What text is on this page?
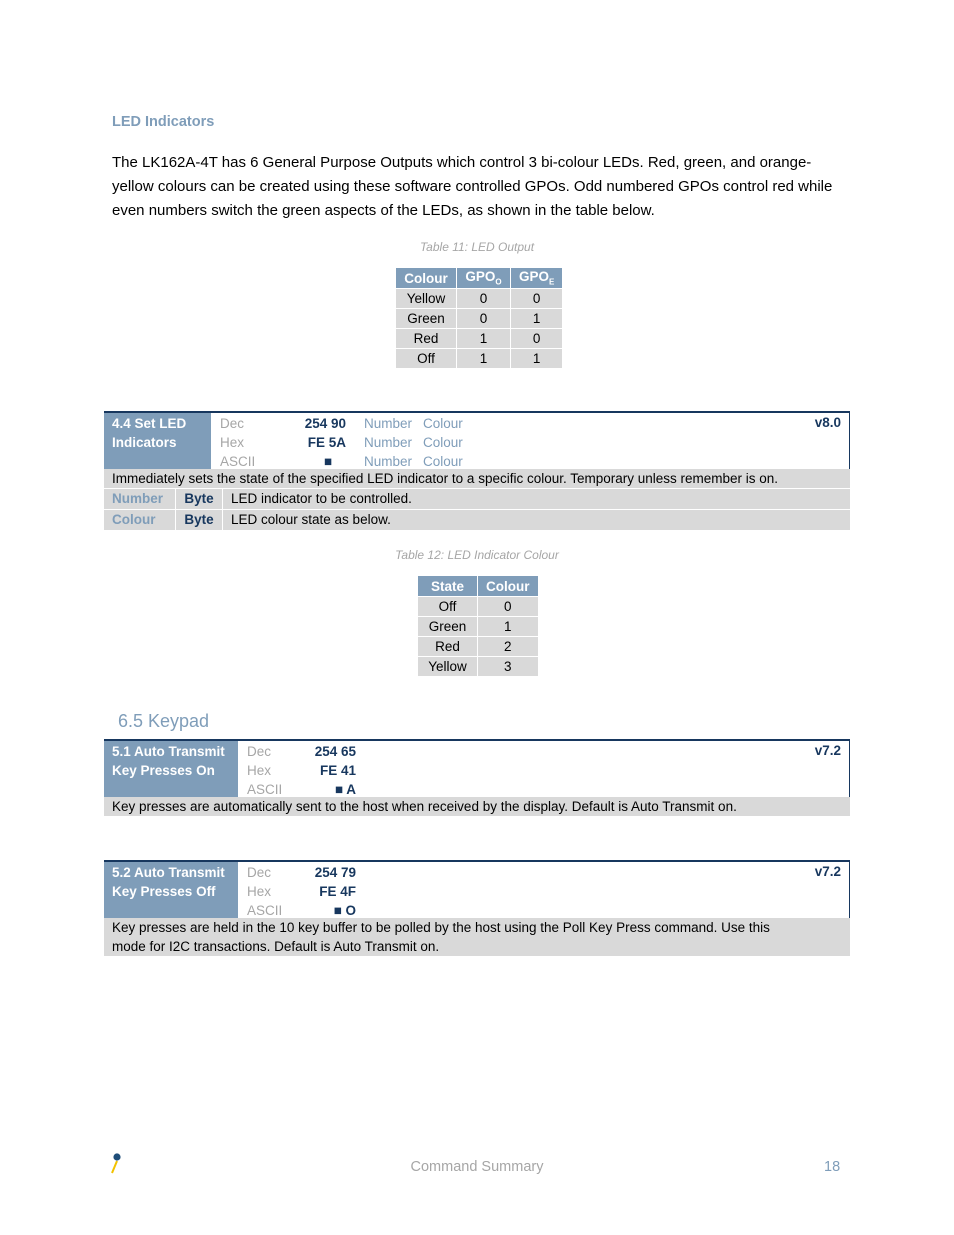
LED Indicators
The LK162A-4T has 6 General Purpose Outputs which control 3 bi-colour LEDs. Red, green, and orange-yellow colours can be created using these software controlled GPOs. Odd numbered GPOs control red while even numbers switch the green aspects of the LEDs, as shown in the table below.
Table 11: LED Output
Colour	$GPO_O$	$GPO_E$
Yellow	0	0
Green	0	1
Red	1	0
Off	1	1
4.4 Set LED
Indicators
Dec	254 90 Number Colour
Hex	FE 5A Number Colour
ASCII	■ Number Colour
v8.0
Immediately sets the state of the specified LED indicator to a specific colour. Temporary unless remember is on.
Number	Byte	LED indicator to be controlled.
Colour	Byte	LED colour state as below.
Table 12: LED Indicator Colour
State	Colour
Off	0
Green	1
Red	2
Yellow	3
6.5 Keypad
5.1 Auto Transmit
Key Presses On
Dec	254 65
Hex	FE 41
ASCII	■ A
v7.2
Key presses are automatically sent to the host when received by the display. Default is Auto Transmit on.
5.2 Auto Transmit
Key Presses Off
Dec	254 79
Hex	FE 4F
ASCII	■ O
v7.2
Key presses are held in the 10 key buffer to be polled by the host using the Poll Key Press command. Use this
mode for I2C transactions. Default is Auto Transmit on.
Command Summary	18
